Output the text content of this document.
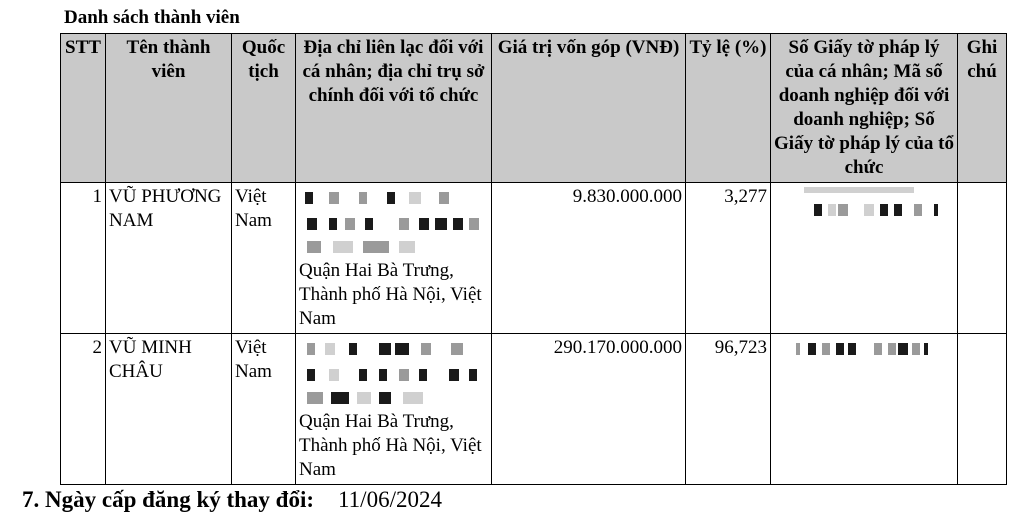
Danh sách thành viên
STT	Tên thành viên	Quốc tịch	Địa chỉ liên lạc đối với cá nhân; địa chỉ trụ sở chính đối với tổ chức	Giá trị vốn góp (VNĐ)	Tỷ lệ (%)	Số Giấy tờ pháp lý của cá nhân; Mã số doanh nghiệp đối với doanh nghiệp; Số Giấy tờ pháp lý của tổ chức	Ghi chú
1	VŨ PHƯƠNG NAM	Việt Nam	Quận Hai Bà Trưng, Thành phố Hà Nội, Việt Nam	9.830.000.000	3,277	

2	VŨ MINH CHÂU	Việt Nam	Quận Hai Bà Trưng, Thành phố Hà Nội, Việt Nam	290.170.000.000	96,723	

7. Ngày cấp đăng ký thay đổi: 11/06/2024
